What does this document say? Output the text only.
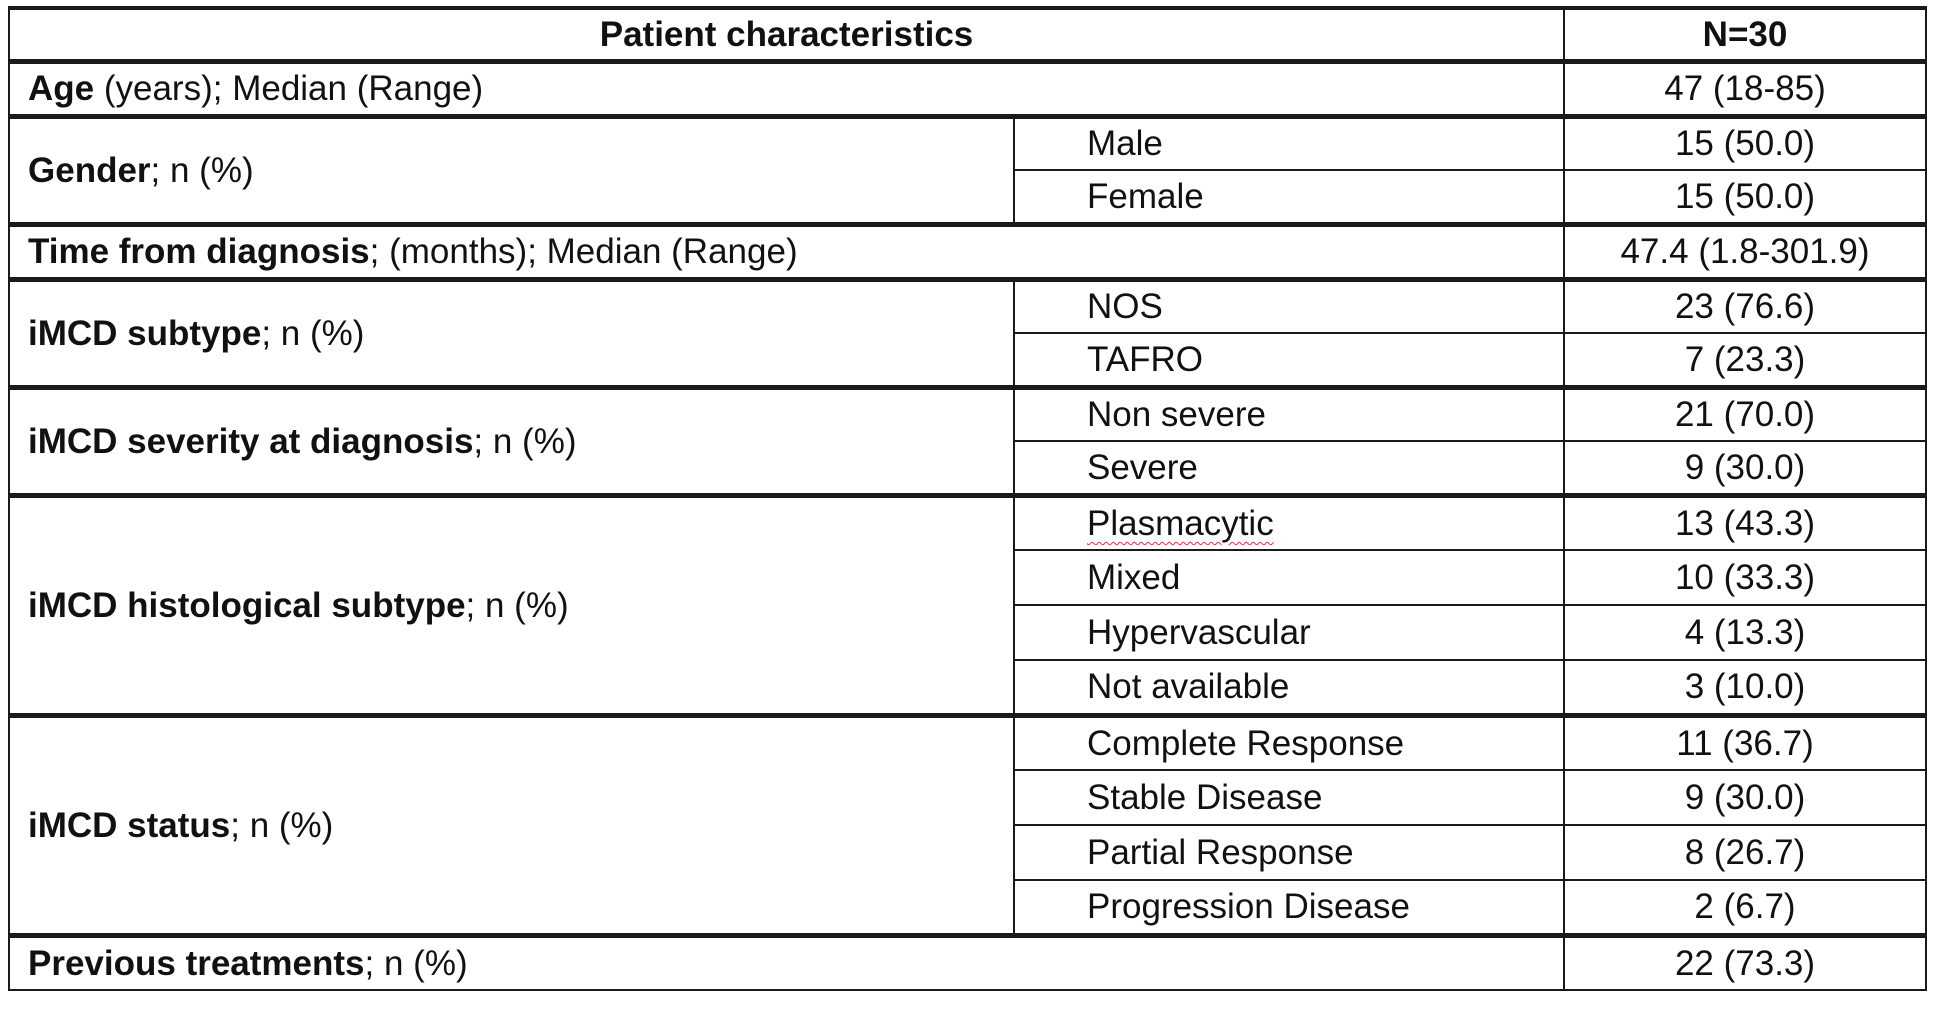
Patient characteristics		N=30
Age (years); Median (Range)		47 (18-85)
Gender; n (%)	Male	15 (50.0)
	Female	15 (50.0)
Time from diagnosis; (months); Median (Range)		47.4 (1.8-301.9)
iMCD subtype; n (%)	NOS	23 (76.6)
	TAFRO	7 (23.3)
iMCD severity at diagnosis; n (%)	Non severe	21 (70.0)
	Severe	9 (30.0)
iMCD histological subtype; n (%)	Plasmacytic	13 (43.3)
	Mixed	10 (33.3)
	Hypervascular	4 (13.3)
	Not available	3 (10.0)
iMCD status; n (%)	Complete Response	11 (36.7)
	Stable Disease	9 (30.0)
	Partial Response	8 (26.7)
	Progression Disease	2 (6.7)
Previous treatments; n (%)		22 (73.3)
